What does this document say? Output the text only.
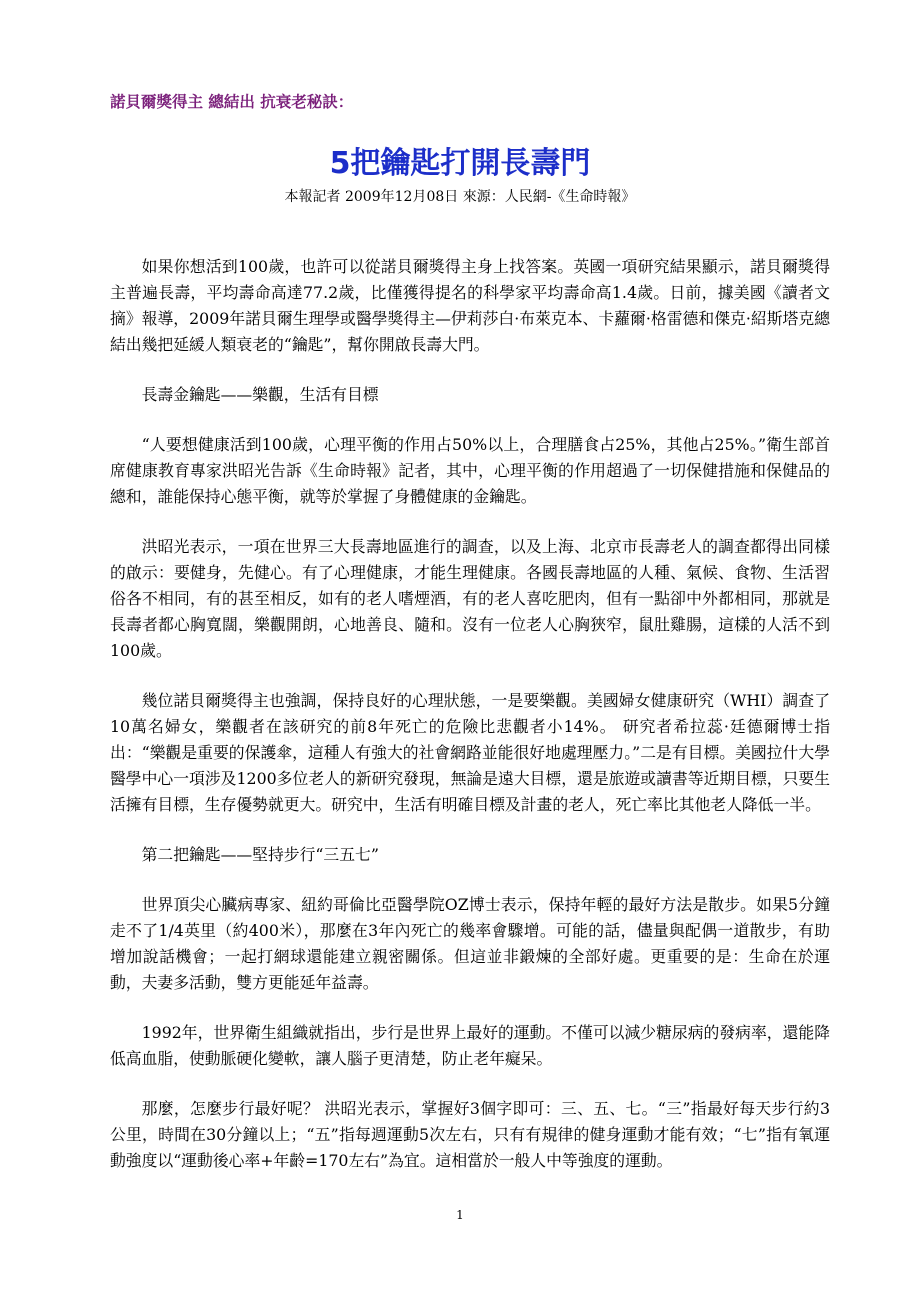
諾貝爾獎得主 總結出 抗衰老秘訣：
5把鑰匙打開長壽門
本報記者 2009年12月08日 來源：人民網-《生命時報》

如果你想活到100歲，也許可以從諾貝爾獎得主身上找答案。英國一項研究結果顯示，諾貝爾獎得主普遍長壽，平均壽命高達77.2歲，比僅獲得提名的科學家平均壽命高1.4歲。日前，據美國《讀者文摘》報導，2009年諾貝爾生理學或醫學獎得主—伊莉莎白·布萊克本、卡蘿爾·格雷德和傑克·紹斯塔克總結出幾把延緩人類衰老的“鑰匙”，幫你開啟長壽大門。

長壽金鑰匙——樂觀，生活有目標

“人要想健康活到100歲，心理平衡的作用占50%以上，合理膳食占25%，其他占25%。”衛生部首席健康教育專家洪昭光告訴《生命時報》記者，其中，心理平衡的作用超過了一切保健措施和保健品的總和，誰能保持心態平衡，就等於掌握了身體健康的金鑰匙。

洪昭光表示，一項在世界三大長壽地區進行的調查，以及上海、北京市長壽老人的調查都得出同樣的啟示：要健身，先健心。有了心理健康，才能生理健康。各國長壽地區的人種、氣候、食物、生活習俗各不相同，有的甚至相反，如有的老人嗜煙酒，有的老人喜吃肥肉，但有一點卻中外都相同，那就是長壽者都心胸寬闊，樂觀開朗，心地善良、隨和。沒有一位老人心胸狹窄，鼠肚雞腸，這樣的人活不到100歲。

幾位諾貝爾獎得主也強調，保持良好的心理狀態，一是要樂觀。美國婦女健康研究（WHI）調查了10萬名婦女，樂觀者在該研究的前8年死亡的危險比悲觀者小14%。 研究者希拉蕊·廷德爾博士指出：“樂觀是重要的保護傘，這種人有強大的社會網路並能很好地處理壓力。”二是有目標。美國拉什大學醫學中心一項涉及1200多位老人的新研究發現，無論是遠大目標，還是旅遊或讀書等近期目標，只要生活擁有目標，生存優勢就更大。研究中，生活有明確目標及計畫的老人，死亡率比其他老人降低一半。

第二把鑰匙——堅持步行“三五七”

世界頂尖心臟病專家、紐約哥倫比亞醫學院OZ博士表示，保持年輕的最好方法是散步。如果5分鐘走不了1/4英里（約400米），那麼在3年內死亡的幾率會驟增。可能的話，儘量與配偶一道散步，有助增加說話機會；一起打網球還能建立親密關係。但這並非鍛煉的全部好處。更重要的是：生命在於運動，夫妻多活動，雙方更能延年益壽。

1992年，世界衛生組織就指出，步行是世界上最好的運動。不僅可以減少糖尿病的發病率，還能降低高血脂，使動脈硬化變軟，讓人腦子更清楚，防止老年癡呆。

那麼，怎麼步行最好呢？ 洪昭光表示，掌握好3個字即可：三、五、七。“三”指最好每天步行約3公里，時間在30分鐘以上；“五”指每週運動5次左右，只有有規律的健身運動才能有效；“七”指有氧運動強度以“運動後心率+年齡=170左右”為宜。這相當於一般人中等強度的運動。

1
